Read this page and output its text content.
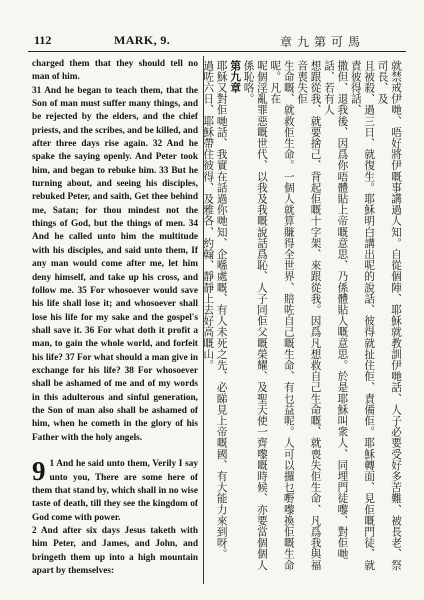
112	MARK, 9.	章九第可馬

charged them that they should tell no man of him.
31 And he began to teach them, that the Son of man must suffer many things, and be rejected by the elders, and the chief priests, and the scribes, and be killed, and after three days rise again. 32 And he spake the saying openly. And Peter took him, and began to rebuke him. 33 But he turning about, and seeing his disciples, rebuked Peter, and saith, Get thee behind me, Satan; for thou mindest not the things of God, but the things of men. 34 And he called unto him the multitude with his disciples, and said unto them, If any man would come after me, let him deny himself, and take up his cross, and follow me. 35 For whosoever would save his life shall lose it; and whosoever shall lose his life for my sake and the gospel's shall save it. 36 For what doth it profit a man, to gain the whole world, and forfeit his life? 37 For what should a man give in exchange for his life? 38 For whosoever shall be ashamed of me and of my words in this adulterous and sinful generation, the Son of man also shall be ashamed of him, when he cometh in the glory of his Father with the holy angels.

9 1 And he said unto them, Verily I say unto you, There are some here of them that stand by, which shall in no wise taste of death, till they see the kingdom of God come with power.
2 And after six days Jesus taketh with him Peter, and James, and John, and bringeth them up into a high mountain apart by themselves:

就禁戒伊哋、唔好將伊嘅事講過人知。自從個陣、耶穌就教訓伊哋話、人子必要受好多苦難、被長老、祭司長、及
且被殺、過三日、就復生。耶穌明白講出呢的說話、彼得就扯住佢、責備佢。耶穌轉面、見佢嘅門徒、就責彼得話、
撒但、退我後、因爲你唔體貼上帝嘅意思、乃係體貼人嘅意思。於是耶穌叫衆人、同埋門徒嚟、對佢哋話、若有人
想跟從我、就要捨己、背起佢嘅十字架、來跟從我。因爲凡想救自己生命嘅、就喪失佢生命、凡爲我與福音喪失佢
生命嘅、就救佢生命。一個人就算賺得全世界、賠咗自己嘅生命、有乜益呢。人可以攞乜嘢嚟換佢嘅生命呢。凡在
呢個淫亂罪惡嘅世代、以我及我嘅說話爲恥、人子同佢父嘅榮耀、及聖天使一齊嚟嘅時候、亦要當個個人係恥咯。
第九章
耶穌又對佢哋話、我實在話過你哋知、企喺處嘅、有人未死之先、必睇見上帝嘅國、有大能力來到呀。
過咗六日、耶穌帶住彼得、及雅各、約翰、靜靜上去好高嘅山。
